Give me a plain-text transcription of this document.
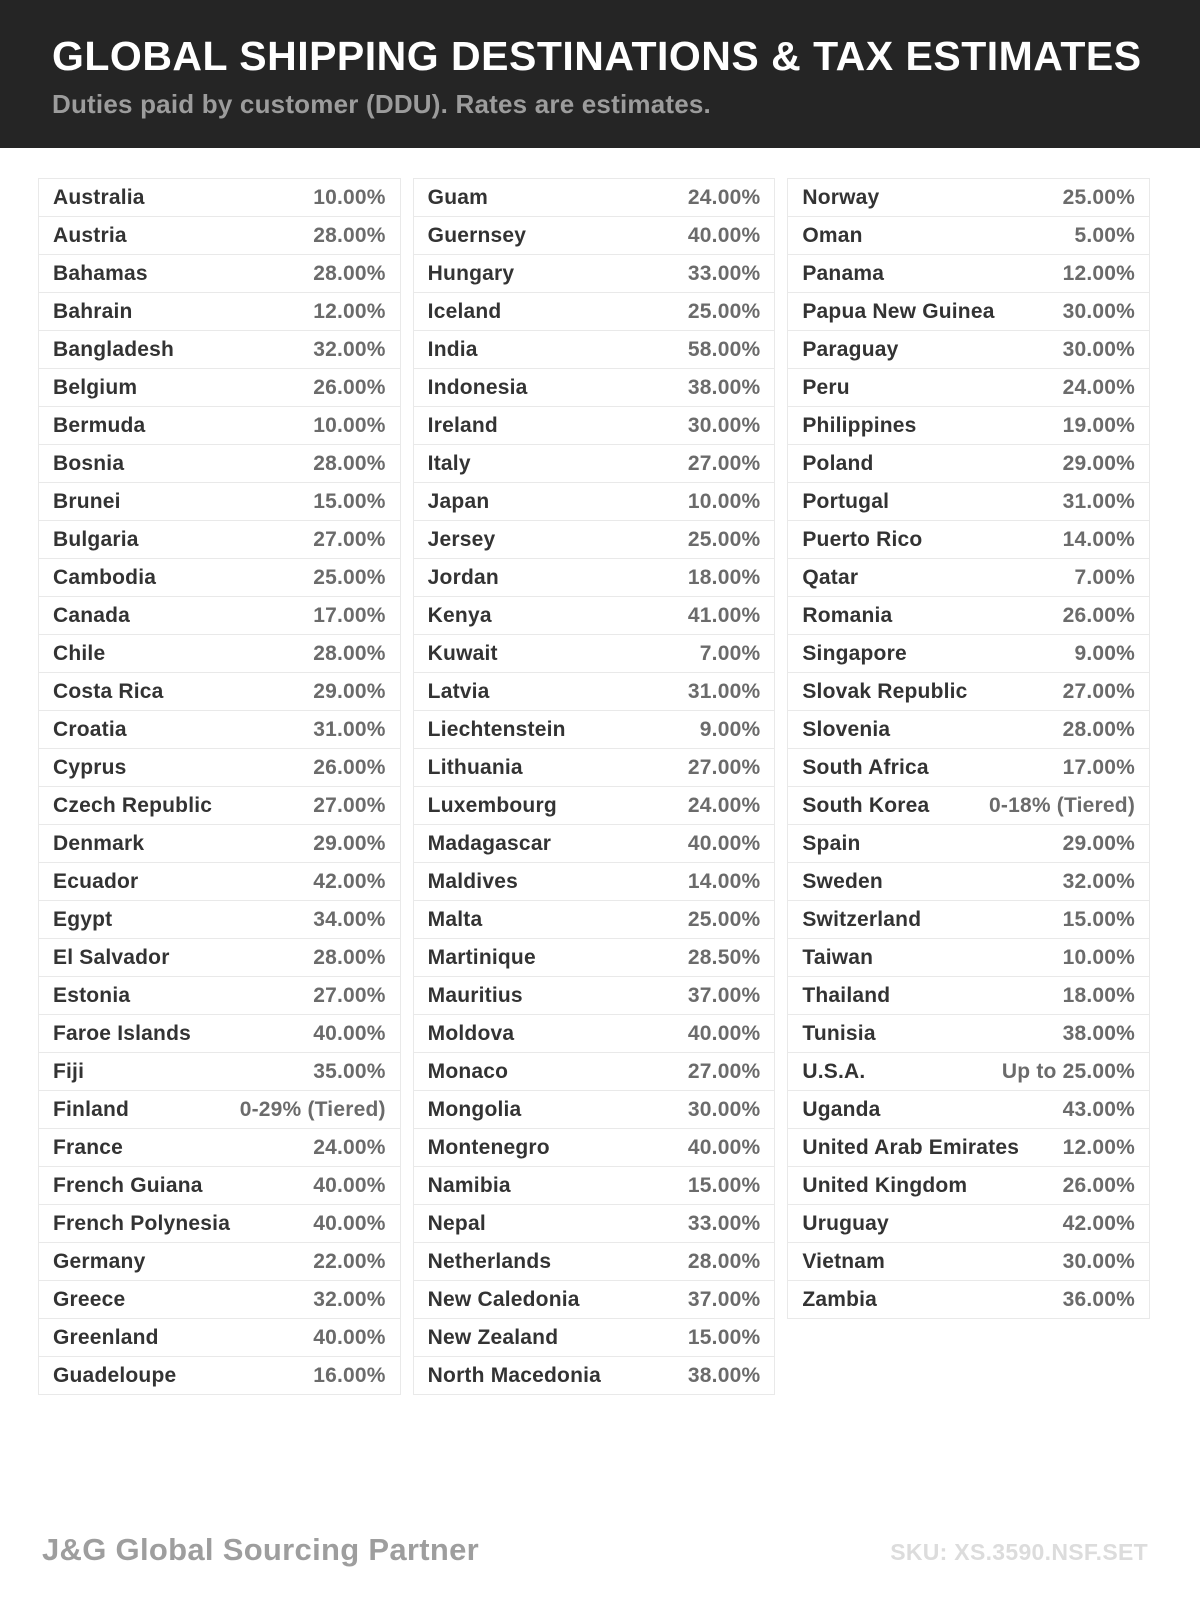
GLOBAL SHIPPING DESTINATIONS & TAX ESTIMATES

Duties paid by customer (DDU). Rates are estimates.

Australia	10.00%
Austria	28.00%
Bahamas	28.00%
Bahrain	12.00%
Bangladesh	32.00%
Belgium	26.00%
Bermuda	10.00%
Bosnia	28.00%
Brunei	15.00%
Bulgaria	27.00%
Cambodia	25.00%
Canada	17.00%
Chile	28.00%
Costa Rica	29.00%
Croatia	31.00%
Cyprus	26.00%
Czech Republic	27.00%
Denmark	29.00%
Ecuador	42.00%
Egypt	34.00%
El Salvador	28.00%
Estonia	27.00%
Faroe Islands	40.00%
Fiji	35.00%
Finland	0-29% (Tiered)
France	24.00%
French Guiana	40.00%
French Polynesia	40.00%
Germany	22.00%
Greece	32.00%
Greenland	40.00%
Guadeloupe	16.00%
Guam	24.00%
Guernsey	40.00%
Hungary	33.00%
Iceland	25.00%
India	58.00%
Indonesia	38.00%
Ireland	30.00%
Italy	27.00%
Japan	10.00%
Jersey	25.00%
Jordan	18.00%
Kenya	41.00%
Kuwait	7.00%
Latvia	31.00%
Liechtenstein	9.00%
Lithuania	27.00%
Luxembourg	24.00%
Madagascar	40.00%
Maldives	14.00%
Malta	25.00%
Martinique	28.50%
Mauritius	37.00%
Moldova	40.00%
Monaco	27.00%
Mongolia	30.00%
Montenegro	40.00%
Namibia	15.00%
Nepal	33.00%
Netherlands	28.00%
New Caledonia	37.00%
New Zealand	15.00%
North Macedonia	38.00%
Norway	25.00%
Oman	5.00%
Panama	12.00%
Papua New Guinea	30.00%
Paraguay	30.00%
Peru	24.00%
Philippines	19.00%
Poland	29.00%
Portugal	31.00%
Puerto Rico	14.00%
Qatar	7.00%
Romania	26.00%
Singapore	9.00%
Slovak Republic	27.00%
Slovenia	28.00%
South Africa	17.00%
South Korea	0-18% (Tiered)
Spain	29.00%
Sweden	32.00%
Switzerland	15.00%
Taiwan	10.00%
Thailand	18.00%
Tunisia	38.00%
U.S.A.	Up to 25.00%
Uganda	43.00%
United Arab Emirates 12.00%
United Kingdom	26.00%
Uruguay	42.00%
Vietnam	30.00%
Zambia	36.00%
J&G Global Sourcing Partner	SKU: XS.3590.NSF.SET
